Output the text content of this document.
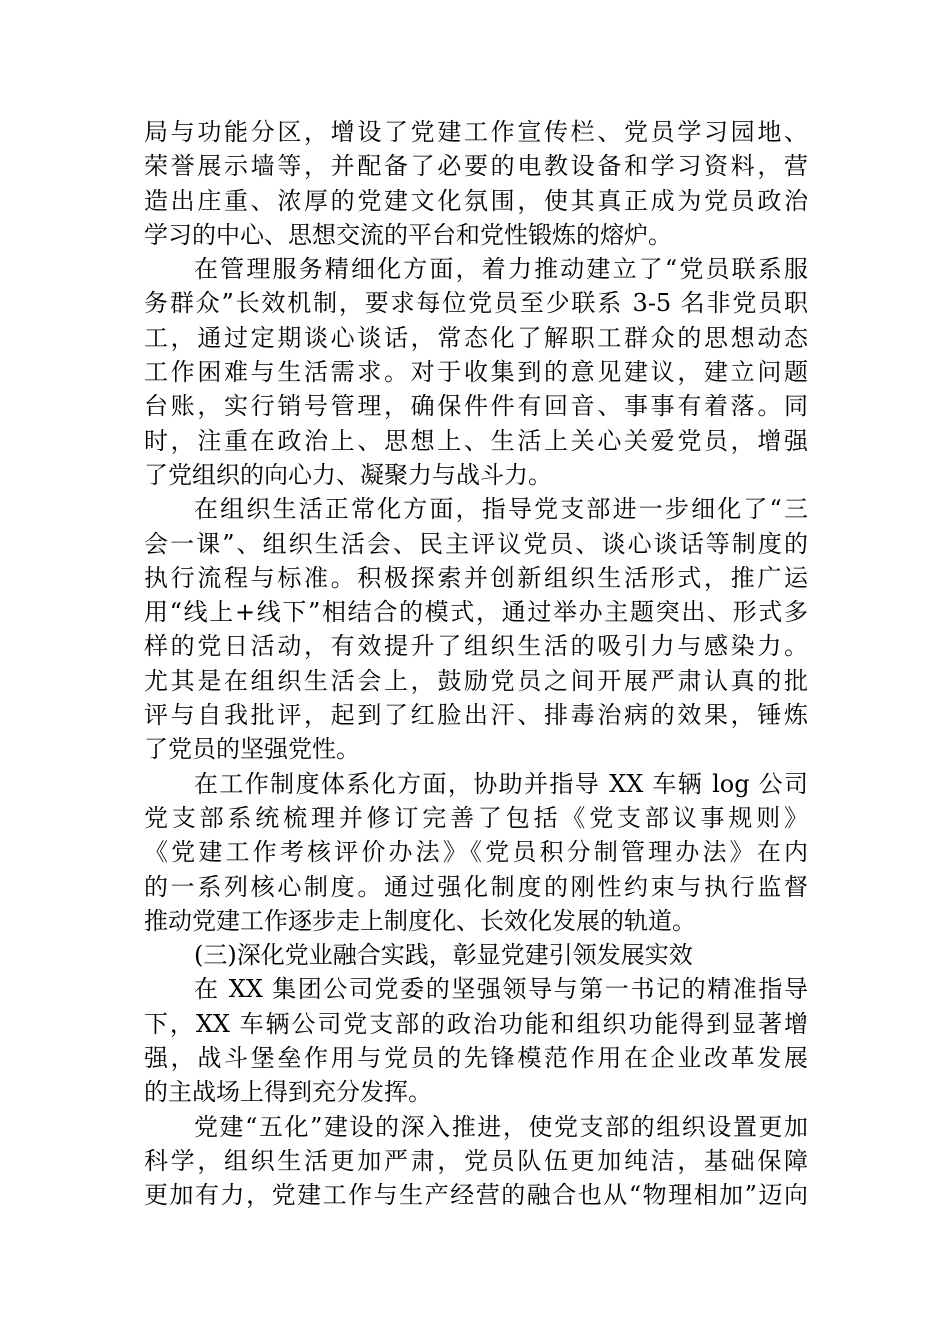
局与功能分区，增设了党建工作宣传栏、党员学习园地、
荣誉展示墙等，并配备了必要的电教设备和学习资料，营
造出庄重、浓厚的党建文化氛围，使其真正成为党员政治
学习的中心、思想交流的平台和党性锻炼的熔炉。
在管理服务精细化方面，着力推动建立了“党员联系服
务群众”长效机制，要求每位党员至少联系 3-5 名非党员职
工，通过定期谈心谈话，常态化了解职工群众的思想动态
工作困难与生活需求。对于收集到的意见建议，建立问题
台账，实行销号管理，确保件件有回音、事事有着落。同
时，注重在政治上、思想上、生活上关心关爱党员，增强
了党组织的向心力、凝聚力与战斗力。
在组织生活正常化方面，指导党支部进一步细化了“三
会一课”、组织生活会、民主评议党员、谈心谈话等制度的
执行流程与标准。积极探索并创新组织生活形式，推广运
用“线上+线下”相结合的模式，通过举办主题突出、形式多
样的党日活动，有效提升了组织生活的吸引力与感染力。
尤其是在组织生活会上，鼓励党员之间开展严肃认真的批
评与自我批评，起到了红脸出汗、排毒治病的效果，锤炼
了党员的坚强党性。
在工作制度体系化方面，协助并指导 XX 车辆 log 公司
党支部系统梳理并修订完善了包括《党支部议事规则》
《党建工作考核评价办法》《党员积分制管理办法》在内
的一系列核心制度。通过强化制度的刚性约束与执行监督
推动党建工作逐步走上制度化、长效化发展的轨道。
(三)深化党业融合实践，彰显党建引领发展实效
在 XX 集团公司党委的坚强领导与第一书记的精准指导
下，XX 车辆公司党支部的政治功能和组织功能得到显著增
强，战斗堡垒作用与党员的先锋模范作用在企业改革发展
的主战场上得到充分发挥。
党建“五化”建设的深入推进，使党支部的组织设置更加
科学，组织生活更加严肃，党员队伍更加纯洁，基础保障
更加有力，党建工作与生产经营的融合也从“物理相加”迈向
